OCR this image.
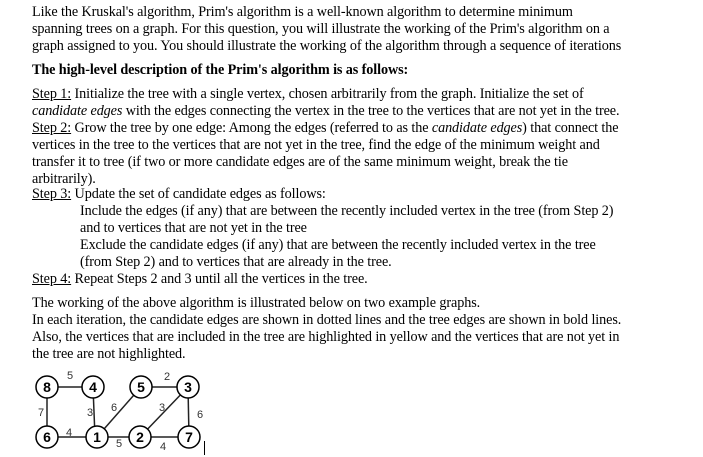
Like the Kruskal's algorithm, Prim's algorithm is a well-known algorithm to determine minimum
spanning trees on a graph. For this question, you will illustrate the working of the Prim's algorithm on a
graph assigned to you. You should illustrate the working of the algorithm through a sequence of iterations
The high-level description of the Prim's algorithm is as follows:
Step 1: Initialize the tree with a single vertex, chosen arbitrarily from the graph. Initialize the set of
candidate edges with the edges connecting the vertex in the tree to the vertices that are not yet in the tree.
Step 2: Grow the tree by one edge: Among the edges (referred to as the candidate edges) that connect the
vertices in the tree to the vertices that are not yet in the tree, find the edge of the minimum weight and
transfer it to tree (if two or more candidate edges are of the same minimum weight, break the tie
arbitrarily).
Step 3: Update the set of candidate edges as follows:
Include the edges (if any) that are between the recently included vertex in the tree (from Step 2)
and to vertices that are not yet in the tree
Exclude the candidate edges (if any) that are between the recently included vertex in the tree
(from Step 2) and to vertices that are already in the tree.
Step 4: Repeat Steps 2 and 3 until all the vertices in the tree.
The working of the above algorithm is illustrated below on two example graphs.
In each iteration, the candidate edges are shown in dotted lines and the tree edges are shown in bold lines.
Also, the vertices that are included in the tree are highlighted in yellow and the vertices that are not yet in
the tree are not highlighted.
5
7	3 6
2
3
6
4
5	4
8	4	5	3
6	1	2	7
